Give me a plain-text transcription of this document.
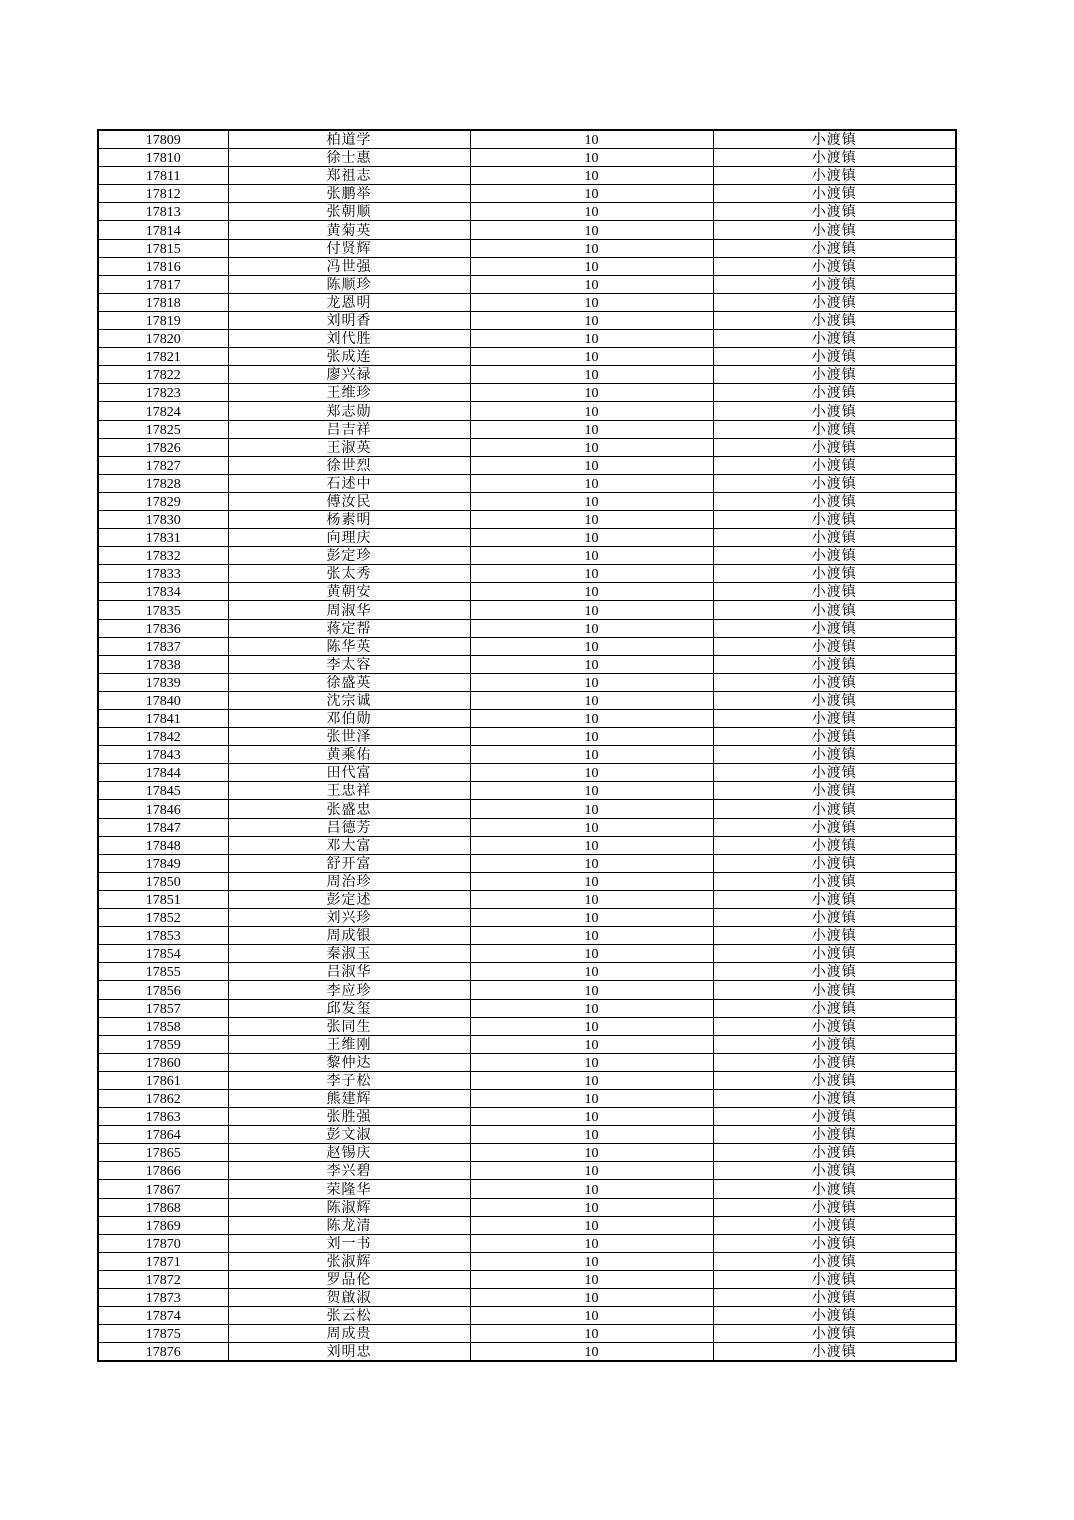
17809	柏道学	10	小渡镇
17810	徐士惠	10	小渡镇
17811	郑祖志	10	小渡镇
17812	张鹏举	10	小渡镇
17813	张朝顺	10	小渡镇
17814	黄菊英	10	小渡镇
17815	付贤辉	10	小渡镇
17816	冯世强	10	小渡镇
17817	陈顺珍	10	小渡镇
17818	龙恩明	10	小渡镇
17819	刘明香	10	小渡镇
17820	刘代胜	10	小渡镇
17821	张成连	10	小渡镇
17822	廖兴禄	10	小渡镇
17823	王维珍	10	小渡镇
17824	郑志勋	10	小渡镇
17825	吕吉祥	10	小渡镇
17826	王淑英	10	小渡镇
17827	徐世烈	10	小渡镇
17828	石述中	10	小渡镇
17829	傅汝民	10	小渡镇
17830	杨素明	10	小渡镇
17831	向理庆	10	小渡镇
17832	彭定珍	10	小渡镇
17833	张太秀	10	小渡镇
17834	黄朝安	10	小渡镇
17835	周淑华	10	小渡镇
17836	蒋定帮	10	小渡镇
17837	陈华英	10	小渡镇
17838	李太容	10	小渡镇
17839	徐盛英	10	小渡镇
17840	沈宗诚	10	小渡镇
17841	邓伯勋	10	小渡镇
17842	张世泽	10	小渡镇
17843	黄乘佑	10	小渡镇
17844	田代富	10	小渡镇
17845	王忠祥	10	小渡镇
17846	张盛忠	10	小渡镇
17847	吕德芳	10	小渡镇
17848	邓大富	10	小渡镇
17849	舒开富	10	小渡镇
17850	周治珍	10	小渡镇
17851	彭定述	10	小渡镇
17852	刘兴珍	10	小渡镇
17853	周成银	10	小渡镇
17854	秦淑玉	10	小渡镇
17855	吕淑华	10	小渡镇
17856	李应珍	10	小渡镇
17857	邱发玺	10	小渡镇
17858	张同生	10	小渡镇
17859	王维刚	10	小渡镇
17860	黎仲达	10	小渡镇
17861	李子松	10	小渡镇
17862	熊建辉	10	小渡镇
17863	张胜强	10	小渡镇
17864	彭文淑	10	小渡镇
17865	赵锡庆	10	小渡镇
17866	李兴碧	10	小渡镇
17867	荣隆华	10	小渡镇
17868	陈淑辉	10	小渡镇
17869	陈龙清	10	小渡镇
17870	刘一书	10	小渡镇
17871	张淑辉	10	小渡镇
17872	罗品伦	10	小渡镇
17873	贺啟淑	10	小渡镇
17874	张云松	10	小渡镇
17875	周成贵	10	小渡镇
17876	刘明忠	10	小渡镇
